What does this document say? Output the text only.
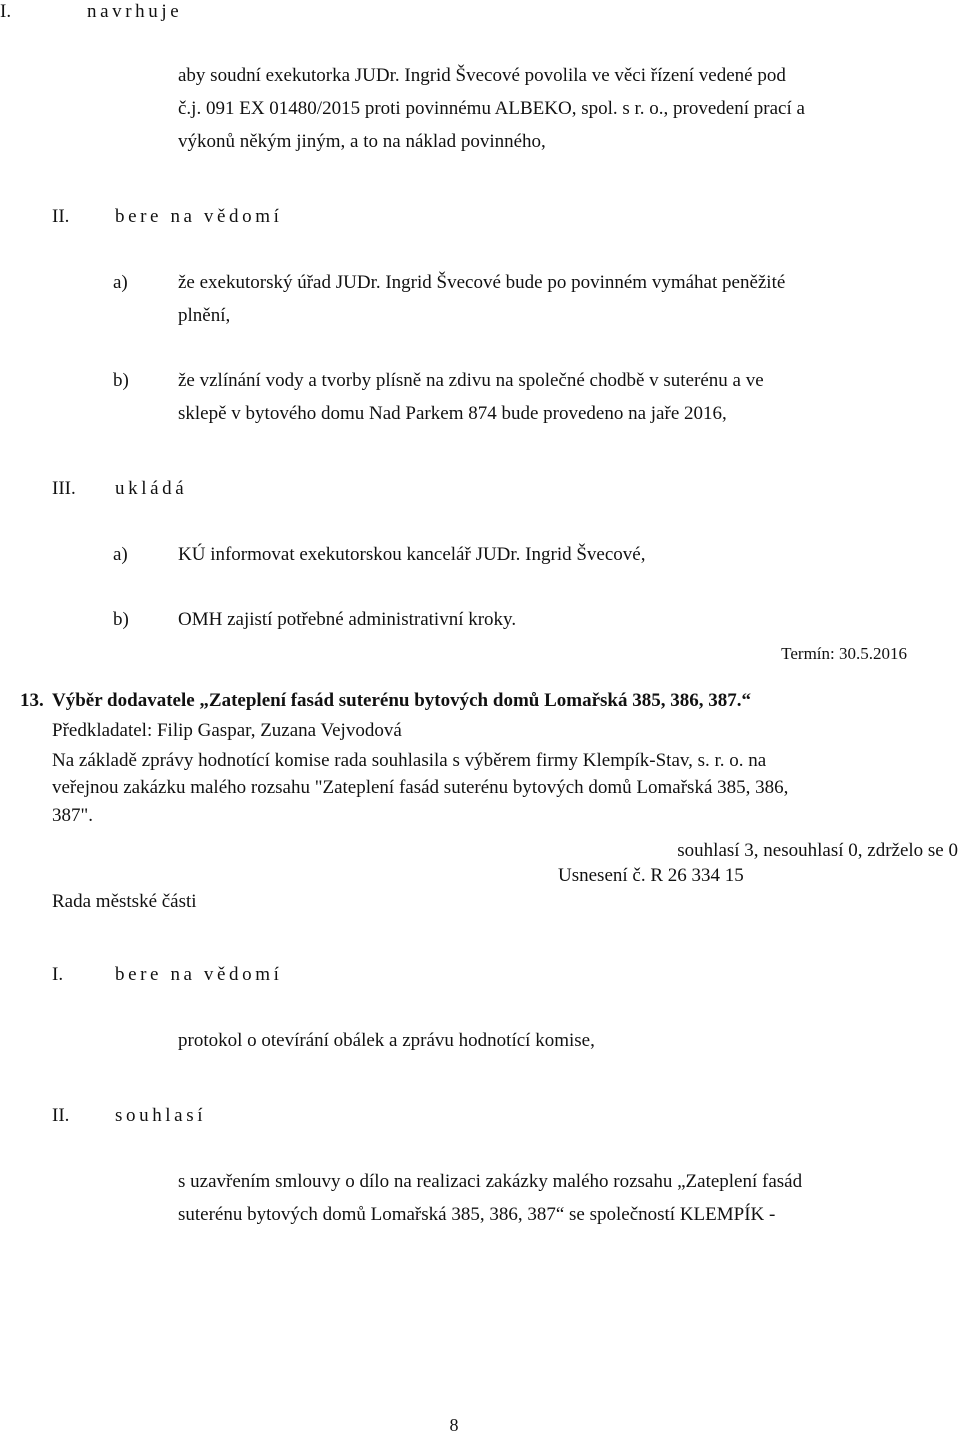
I.	navrhuje
aby soudní exekutorka JUDr. Ingrid Švecové povolila ve věci řízení vedené pod
č.j. 091 EX 01480/2015 proti povinnému ALBEKO, spol. s r. o., provedení prací a
výkonů někým jiným, a to na náklad povinného,
II. bere na vědomí
a)	že exekutorský úřad JUDr. Ingrid Švecové bude po povinném vymáhat peněžité
plnění,
b)	že vzlínání vody a tvorby plísně na zdivu na společné chodbě v suterénu a ve
sklepě v bytového domu Nad Parkem 874 bude provedeno na jaře 2016,
III. ukládá
a)	KÚ informovat exekutorskou kancelář JUDr. Ingrid Švecové,
b)	OMH zajistí potřebné administrativní kroky.
Termín: 30.5.2016
13. Výběr dodavatele „Zateplení fasád suterénu bytových domů Lomařská 385, 386, 387.“
Předkladatel: Filip Gaspar, Zuzana Vejvodová
Na základě zprávy hodnotící komise rada souhlasila s výběrem firmy Klempík-Stav, s. r. o. na
veřejnou zakázku malého rozsahu "Zateplení fasád suterénu bytových domů Lomařská 385, 386,
387".
souhlasí 3, nesouhlasí 0, zdrželo se 0
Usnesení č. R 26 334 15
Rada městské části
I.	bere na vědomí
protokol o otevírání obálek a zprávu hodnotící komise,
II. souhlasí
s uzavřením smlouvy o dílo na realizaci zakázky malého rozsahu „Zateplení fasád
suterénu bytových domů Lomařská 385, 386, 387“ se společností KLEMPÍK -
8
